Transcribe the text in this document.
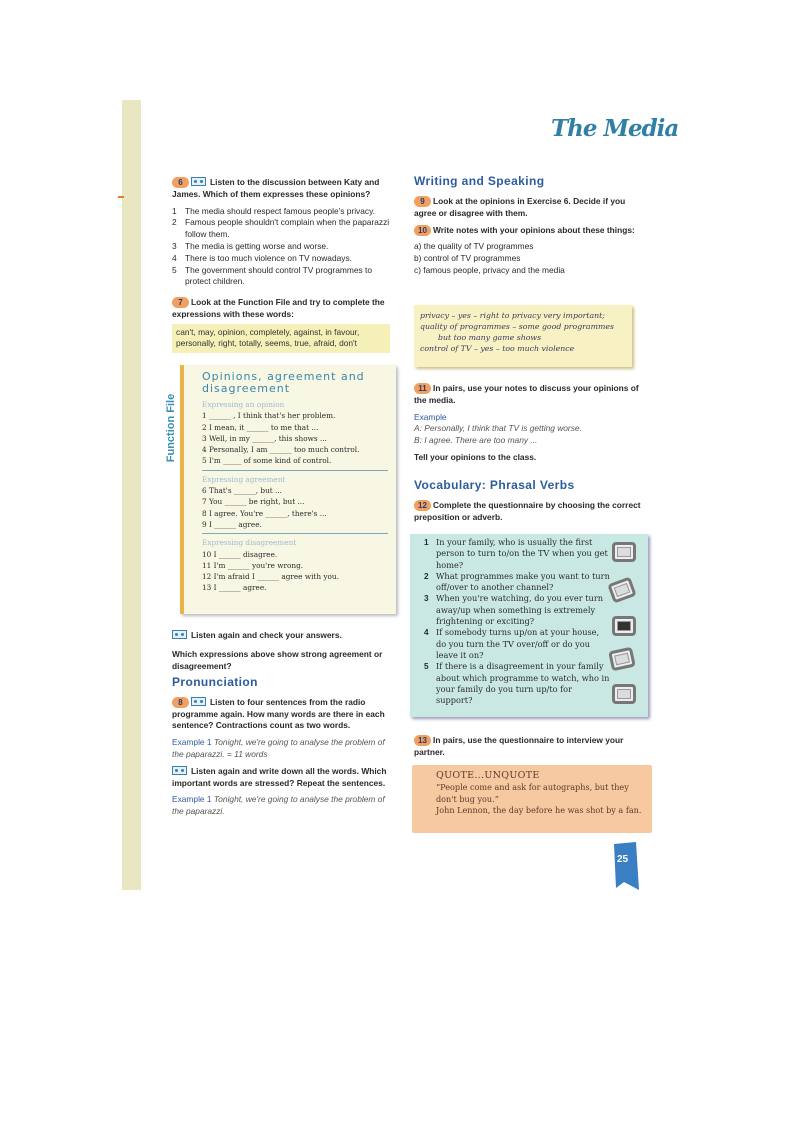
The Media
6	Listen to the discussion between Katy and James. Which of them expresses these opinions?
1 The media should respect famous people's privacy.
2 Famous people shouldn't complain when the paparazzi follow them.
3 The media is getting worse and worse.
4 There is too much violence on TV nowadays.
5 The government should control TV programmes to protect children.
7 Look at the Function File and try to complete the expressions with these words:
can't, may, opinion, completely, against, in favour, personally, right, totally, seems, true, afraid, don't
Function File
Opinions, agreement and disagreement
Expressing an opinion
1 ______ , I think that's her problem.
2 I mean, it ______ to me that ...
3 Well, in my ______, this shows ...
4 Personally, I am ______ too much control.
5 I'm _____ of some kind of control.
Expressing agreement
6 That's ______, but ...
7 You ______ be right, but ...
8 I agree. You're ______, there's ...
9 I ______ agree.
Expressing disagreement
10 I ______ disagree.
11 I'm ______ you're wrong.
12 I'm afraid I ______ agree with you.
13 I ______ agree.
Listen again and check your answers.
Which expressions above show strong agreement or disagreement?
Pronunciation
8	Listen to four sentences from the radio programme again. How many words are there in each sentence? Contractions count as two words.
Example 1 Tonight, we're going to analyse the problem of the paparazzi. = 11 words
Listen again and write down all the words. Which important words are stressed? Repeat the sentences.
Example 1 Tonight, we're going to analyse the problem of the paparazzi.
Writing and Speaking
9 Look at the opinions in Exercise 6. Decide if you agree or disagree with them.
10 Write notes with your opinions about these things:
a) the quality of TV programmes
b) control of TV programmes
c) famous people, privacy and the media
privacy – yes – right to privacy very important;
quality of programmes – some good programmes
but too many game shows
control of TV – yes – too much violence
11 In pairs, use your notes to discuss your opinions of the media.
Example
A: Personally, I think that TV is getting worse.
B: I agree. There are too many ...
Tell your opinions to the class.
Vocabulary: Phrasal Verbs
12 Complete the questionnaire by choosing the correct preposition or adverb.
1 In your family, who is usually the first person to turn to/on the TV when you get home?
2 What programmes make you want to turn off/over to another channel?
3 When you're watching, do you ever turn away/up when something is extremely frightening or exciting?
4 If somebody turns up/on at your house, do you turn the TV over/off or do you leave it on?
5 If there is a disagreement in your family about which programme to watch, who in your family do you turn up/to for support?
13 In pairs, use the questionnaire to interview your partner.
QUOTE...UNQUOTE
“People come and ask for autographs, but they don't bug you.”
John Lennon, the day before he was shot by a fan.
25
